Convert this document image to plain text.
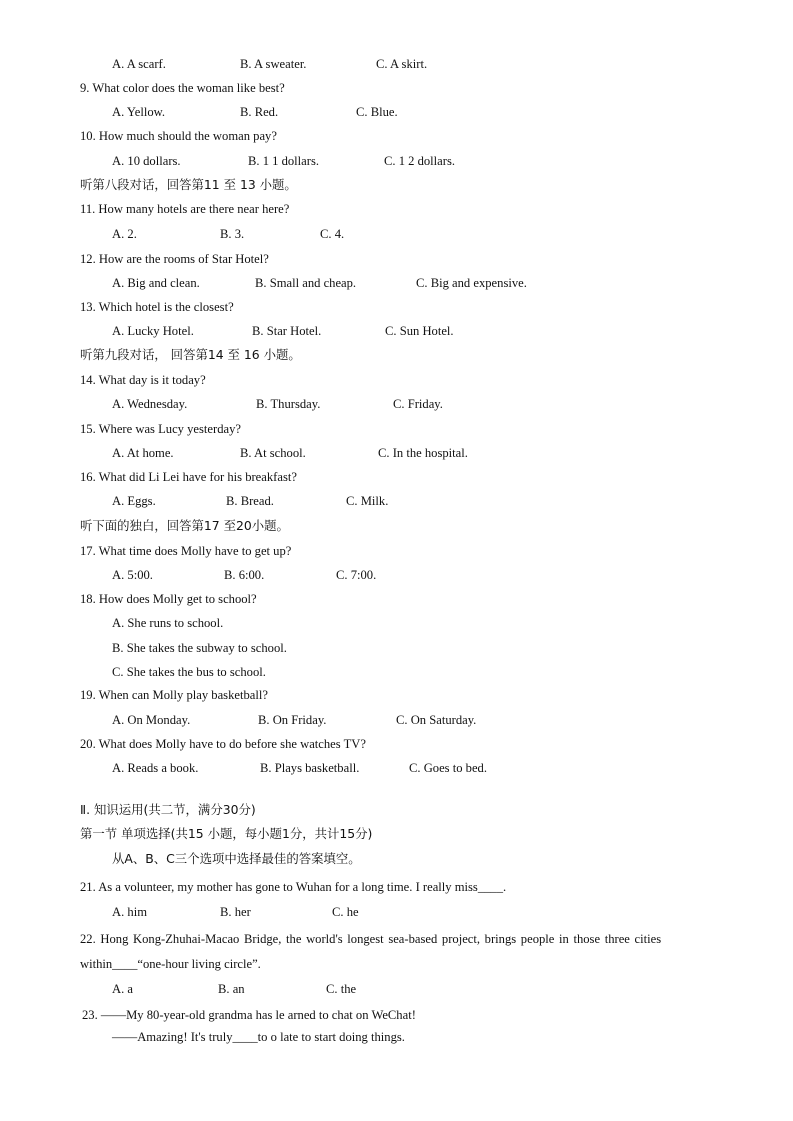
A. A scarf.	B. A sweater.	C. A skirt.
9. What color does the woman like best?
A. Yellow.	B. Red.	C. Blue.
10. How much should the woman pay?
A. 10 dollars.	B. 1 1 dollars.	C. 1 2 dollars.
听第八段对话，回答第11 至 13 小题。
11. How many hotels are there near here?
A. 2.	B. 3.	C. 4.
12. How are the rooms of Star Hotel?
A. Big and clean.	B. Small and cheap.	C. Big and expensive.
13. Which hotel is the closest?
A. Lucky Hotel.	B. Star Hotel.	C. Sun Hotel.
听第九段对话， 回答第14 至 16 小题。
14. What day is it today?
A. Wednesday.	B. Thursday.	C. Friday.
15. Where was Lucy yesterday?
A. At home.	B. At school.	C. In the hospital.
16. What did Li Lei have for his breakfast?
A. Eggs.	B. Bread.	C. Milk.
听下面的独白，回答第17 至20小题。
17. What time does Molly have to get up?
A. 5:00.	B. 6:00.	C. 7:00.
18. How does Molly get to school?
A. She runs to school.
B. She takes the subway to school.
C. She takes the bus to school.
19. When can Molly play basketball?
A. On Monday.	B. On Friday.	C. On Saturday.
20. What does Molly have to do before she watches TV?
A. Reads a book.	B. Plays basketball.	C. Goes to bed.
Ⅱ. 知识运用(共二节，满分30分)
第一节 单项选择(共15 小题，每小题1分，共计15分)
从A、B、C三个选项中选择最佳的答案填空。
21. As a volunteer, my mother has gone to Wuhan for a long time. I really miss____.
A. him	B. her	C. he
22. Hong Kong-Zhuhai-Macao Bridge, the world's longest sea-based project, brings people in those three cities
within____“one-hour living circle”.
A. a	B. an	C. the
23. ——My 80-year-old grandma has le arned to chat on WeChat!
——Amazing! It's truly____to o late to start doing things.
